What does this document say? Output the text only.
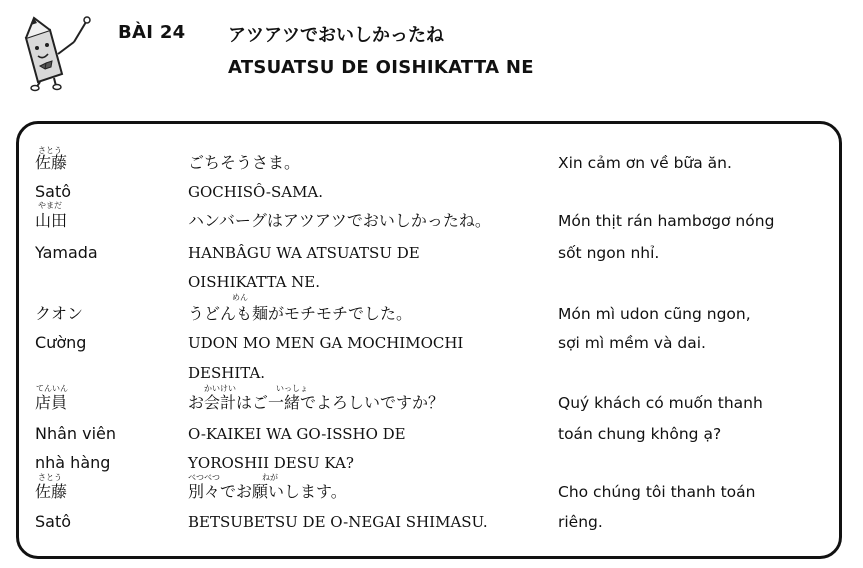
BÀI 24 アツアツでおいしかったね
ATSUATSU DE OISHIKATTA NE
さとう
佐藤	ごちそうさま。	Xin cảm ơn về bữa ăn.
Satô	GOCHISÔ-SAMA.
やまだ
山田	ハンバーグはアツアツでおいしかったね。	Món thịt rán hambơgơ nóng
Yamada	HANBÂGU WA ATSUATSU DE	sốt ngon nhỉ.
OISHIKATTA NE.
めん
クオン	うどんも麺がモチモチでした。	Món mì udon cũng ngon,
Cường	UDON MO MEN GA MOCHIMOCHI	sợi mì mềm và dai.
DESHITA.
てんいん	かいけい	いっしょ
店員	お会計はご一緒でよろしいですか？	Quý khách có muốn thanh
Nhân viên	O-KAIKEI WA GO-ISSHO DE	toán chung không ạ?
nhà hàng	YOROSHII DESU KA?
さとう	べつべつ	ねが
佐藤	別々でお願いします。	Cho chúng tôi thanh toán
Satô	BETSUBETSU DE O-NEGAI SHIMASU.	riêng.
